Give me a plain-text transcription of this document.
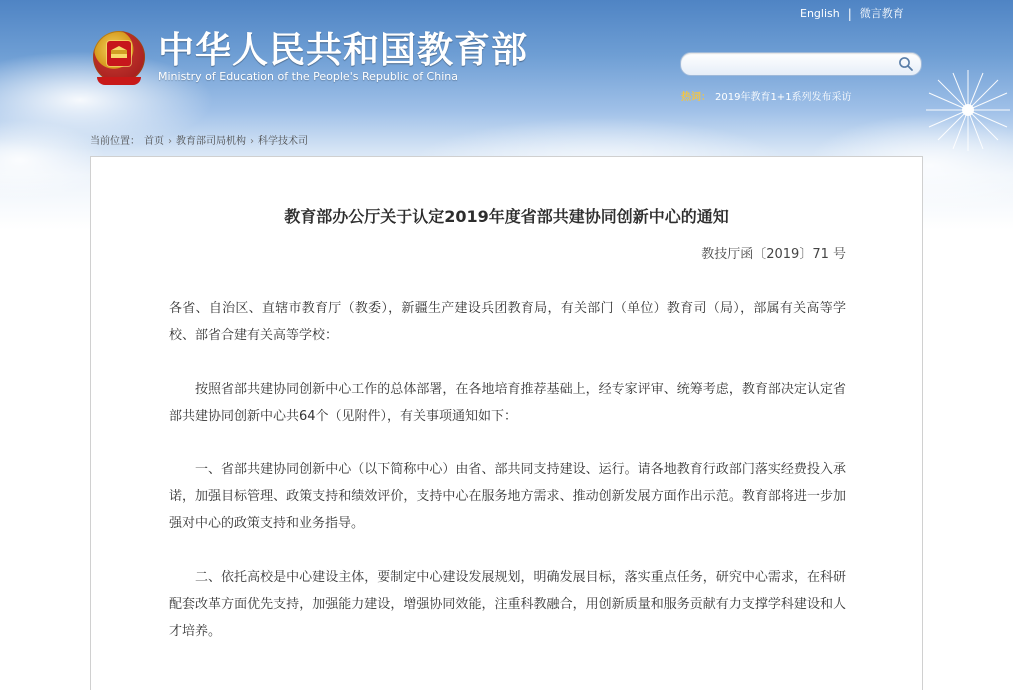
English | 微言教育
中华人民共和国教育部

Ministry of Education of the People's Republic of China

热词： 2019年教育1+1系列发布采访
当前位置： 首页 › 教育部司局机构 › 科学技术司
教育部办公厅关于认定2019年度省部共建协同创新中心的通知

教技厅函〔2019〕71 号

各省、自治区、直辖市教育厅（教委），新疆生产建设兵团教育局，有关部门（单位）教育司（局），部属有关高等学校、部省合建有关高等学校：

按照省部共建协同创新中心工作的总体部署，在各地培育推荐基础上，经专家评审、统筹考虑，教育部决定认定省部共建协同创新中心共64个（见附件），有关事项通知如下：

一、省部共建协同创新中心（以下简称中心）由省、部共同支持建设、运行。请各地教育行政部门落实经费投入承诺，加强目标管理、政策支持和绩效评价，支持中心在服务地方需求、推动创新发展方面作出示范。教育部将进一步加强对中心的政策支持和业务指导。

二、依托高校是中心建设主体，要制定中心建设发展规划，明确发展目标，落实重点任务，研究中心需求，在科研配套改革方面优先支持，加强能力建设，增强协同效能，注重科教融合，用创新质量和服务贡献有力支撑学科建设和人才培养。
